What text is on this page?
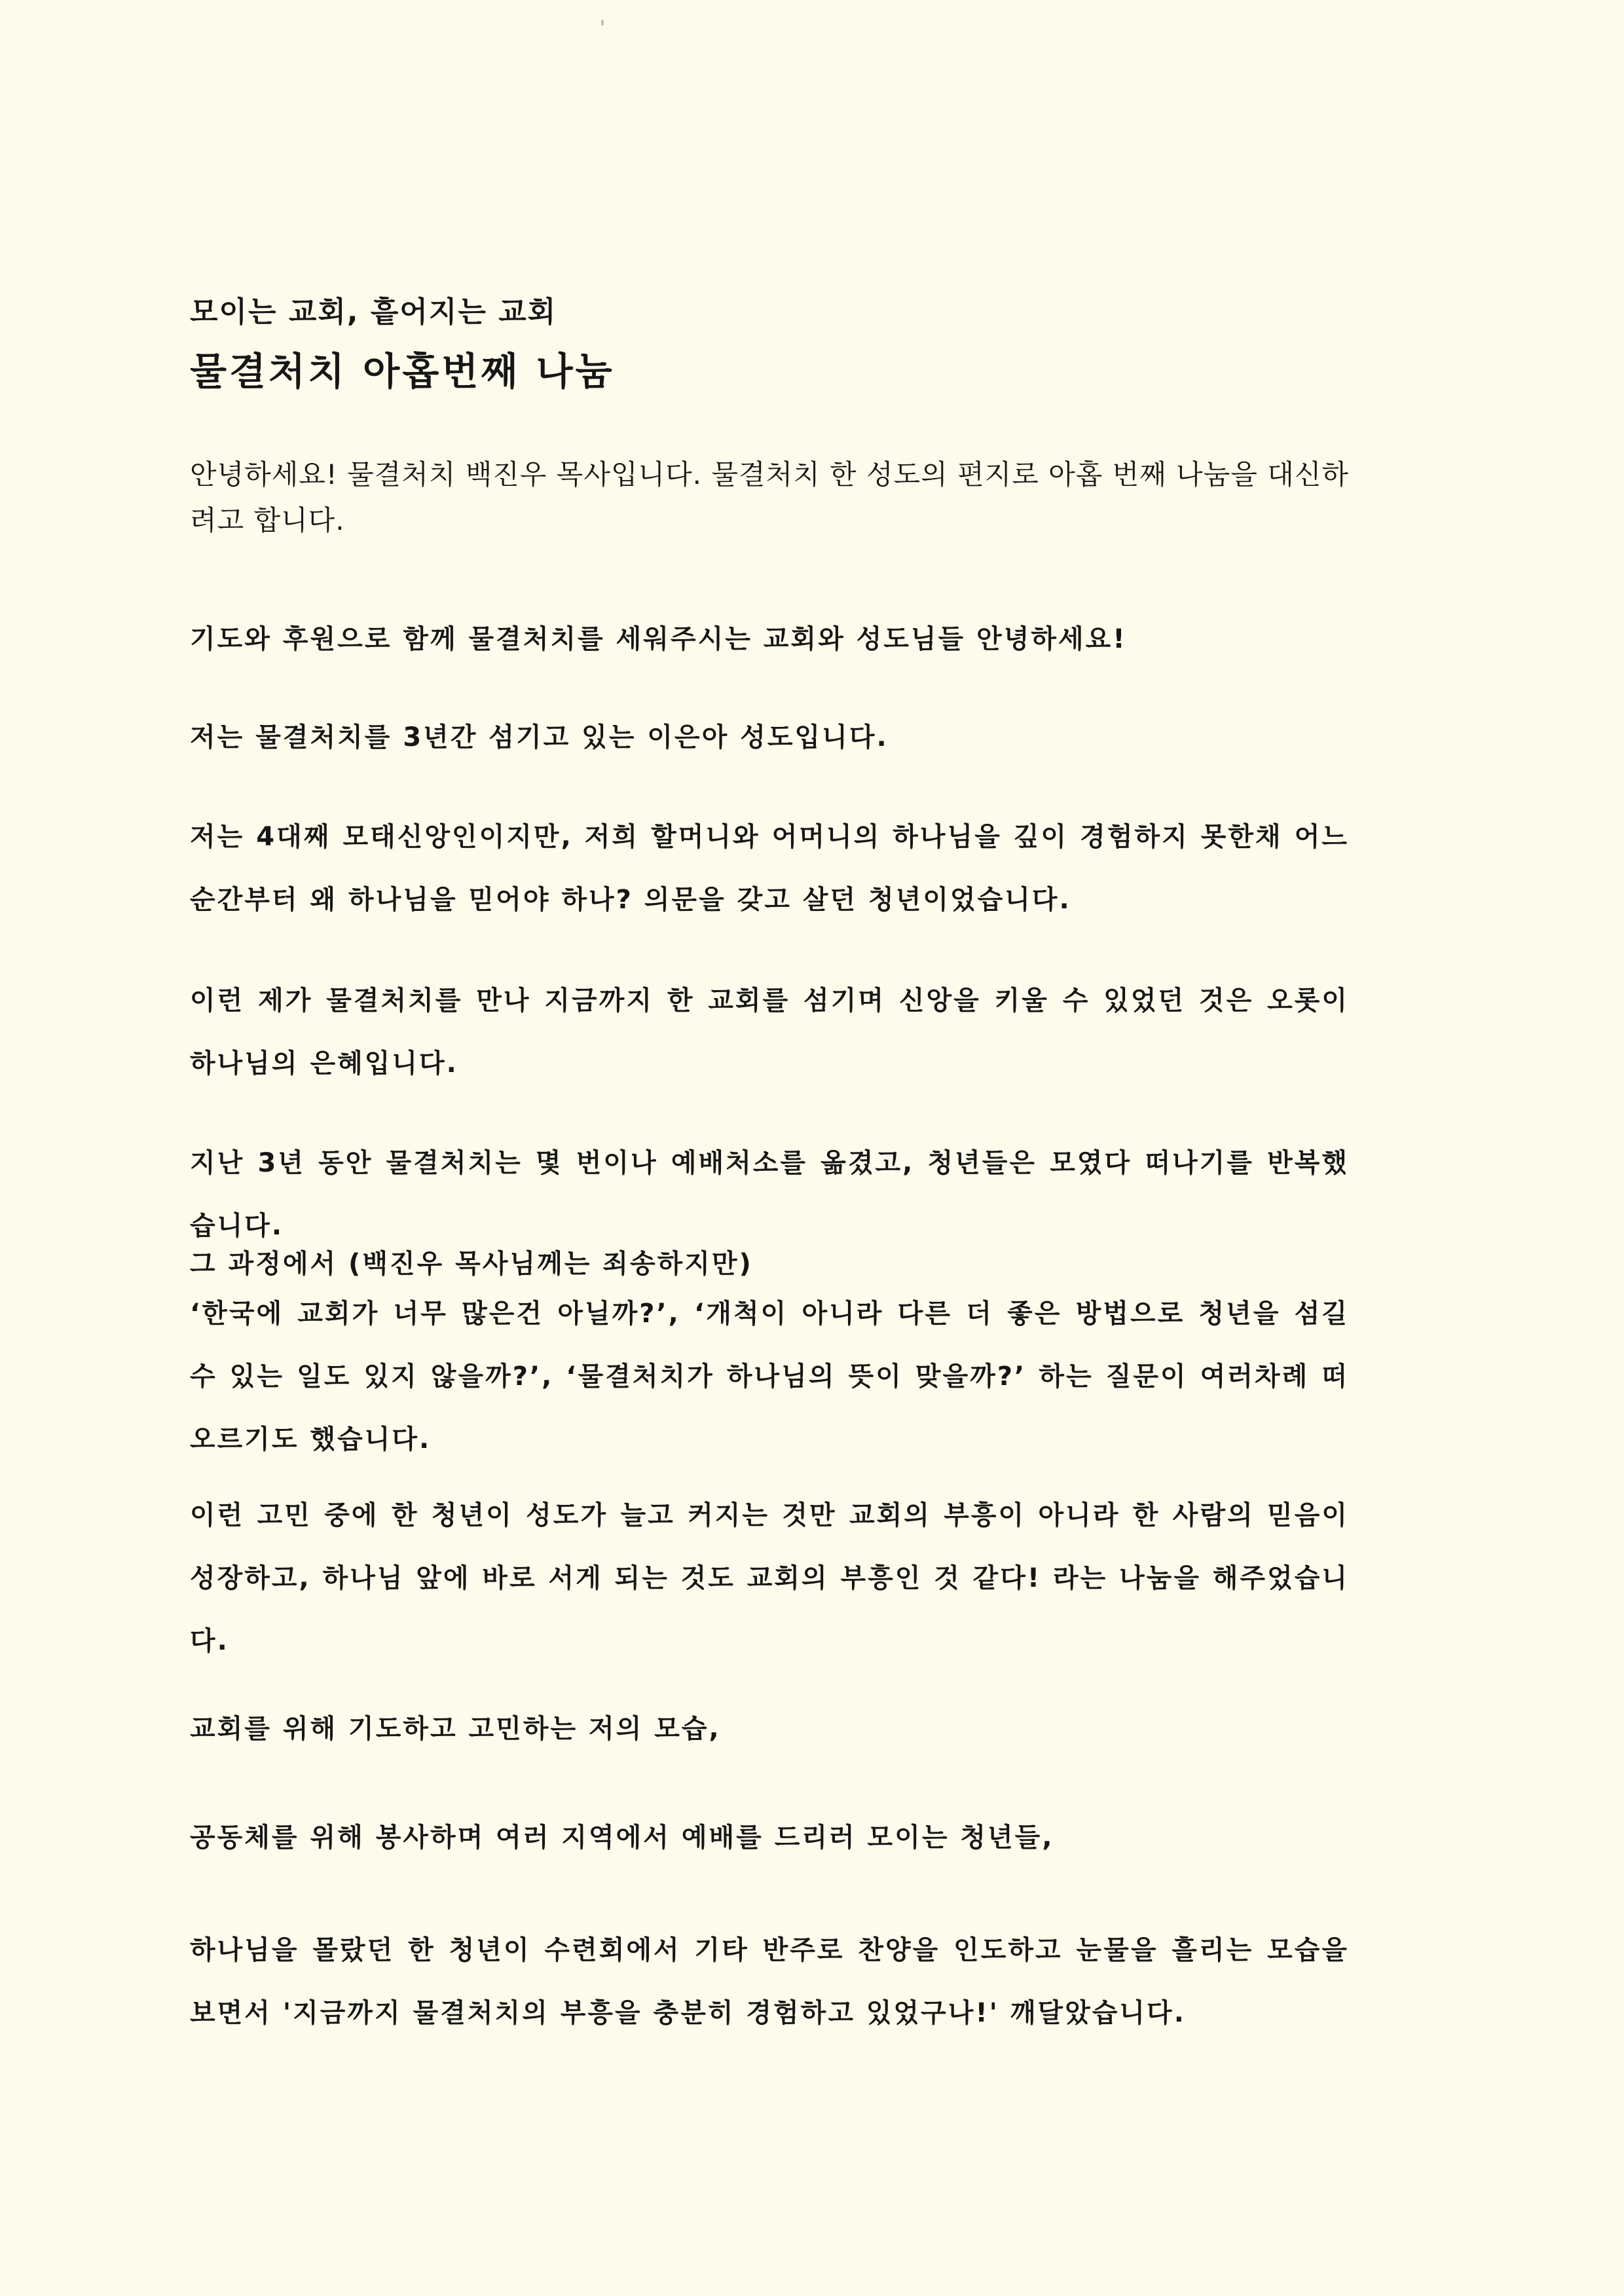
모이는 교회, 흩어지는 교회
물결처치 아홉번째 나눔

안녕하세요! 물결처치 백진우 목사입니다. 물결처치 한 성도의 편지로 아홉 번째 나눔을 대신하려고 합니다.

기도와 후원으로 함께 물결처치를 세워주시는 교회와 성도님들 안녕하세요!

저는 물결처치를 3년간 섬기고 있는 이은아 성도입니다.

저는 4대째 모태신앙인이지만, 저희 할머니와 어머니의 하나님을 깊이 경험하지 못한채 어느 순간부터 왜 하나님을 믿어야 하나? 의문을 갖고 살던 청년이었습니다.

이런 제가 물결처치를 만나 지금까지 한 교회를 섬기며 신앙을 키울 수 있었던 것은 오롯이 하나님의 은혜입니다.

지난 3년 동안 물결처치는 몇 번이나 예배처소를 옮겼고, 청년들은 모였다 떠나기를 반복했습니다.

그 과정에서 (백진우 목사님께는 죄송하지만)

‘한국에 교회가 너무 많은건 아닐까?’, ‘개척이 아니라 다른 더 좋은 방법으로 청년을 섬길 수 있는 일도 있지 않을까?’, ‘물결처치가 하나님의 뜻이 맞을까?’ 하는 질문이 여러차례 떠오르기도 했습니다.

이런 고민 중에 한 청년이 성도가 늘고 커지는 것만 교회의 부흥이 아니라 한 사람의 믿음이 성장하고, 하나님 앞에 바로 서게 되는 것도 교회의 부흥인 것 같다! 라는 나눔을 해주었습니다.

교회를 위해 기도하고 고민하는 저의 모습,

공동체를 위해 봉사하며 여러 지역에서 예배를 드리러 모이는 청년들,

하나님을 몰랐던 한 청년이 수련회에서 기타 반주로 찬양을 인도하고 눈물을 흘리는 모습을 보면서 '지금까지 물결처치의 부흥을 충분히 경험하고 있었구나!' 깨달았습니다.
